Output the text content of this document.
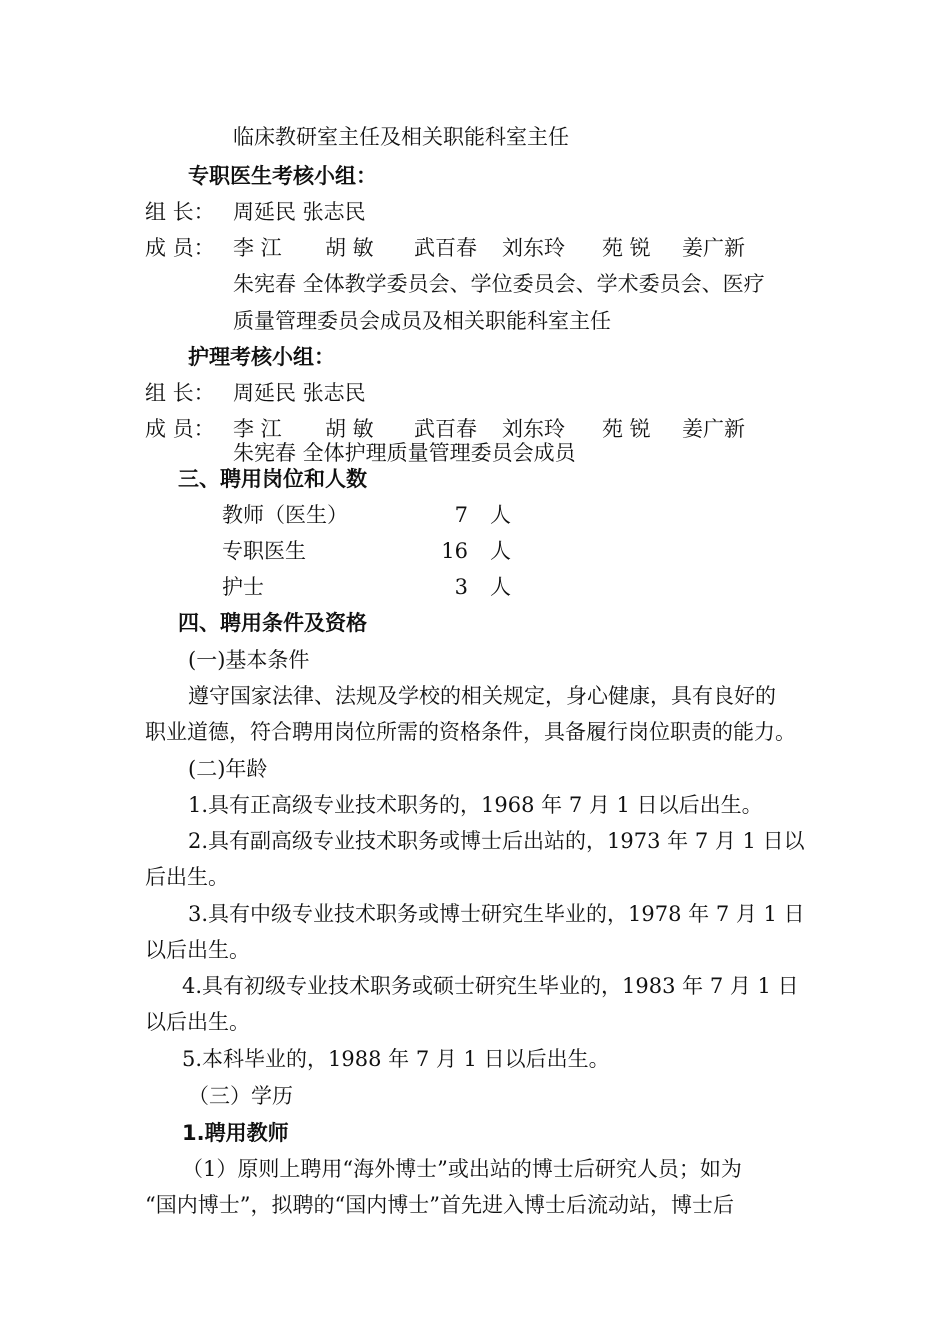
临床教研室主任及相关职能科室主任
专职医生考核小组：
组 长： 周延民 张志民
成 员： 李 江 胡 敏 武百春 刘东玲 苑 锐 姜广新
朱宪春 全体教学委员会、学位委员会、学术委员会、医疗
质量管理委员会成员及相关职能科室主任
护理考核小组：
组 长： 周延民 张志民
成 员： 李 江 胡 敏 武百春 刘东玲 苑 锐 姜广新
朱宪春 全体护理质量管理委员会成员
三、聘用岗位和人数
教师（医生）	7 人
专职医生	16 人
护士	3 人
四、聘用条件及资格
(一)基本条件
遵守国家法律、法规及学校的相关规定，身心健康，具有良好的
职业道德，符合聘用岗位所需的资格条件，具备履行岗位职责的能力。
(二)年龄
1.具有正高级专业技术职务的，1968 年 7 月 1 日以后出生。
2.具有副高级专业技术职务或博士后出站的，1973 年 7 月 1 日以
后出生。
3.具有中级专业技术职务或博士研究生毕业的，1978 年 7 月 1 日
以后出生。
4.具有初级专业技术职务或硕士研究生毕业的，1983 年 7 月 1 日
以后出生。
5.本科毕业的，1988 年 7 月 1 日以后出生。
（三）学历
1.聘用教师
（1）原则上聘用“海外博士”或出站的博士后研究人员；如为
“国内博士”，拟聘的“国内博士”首先进入博士后流动站，博士后
